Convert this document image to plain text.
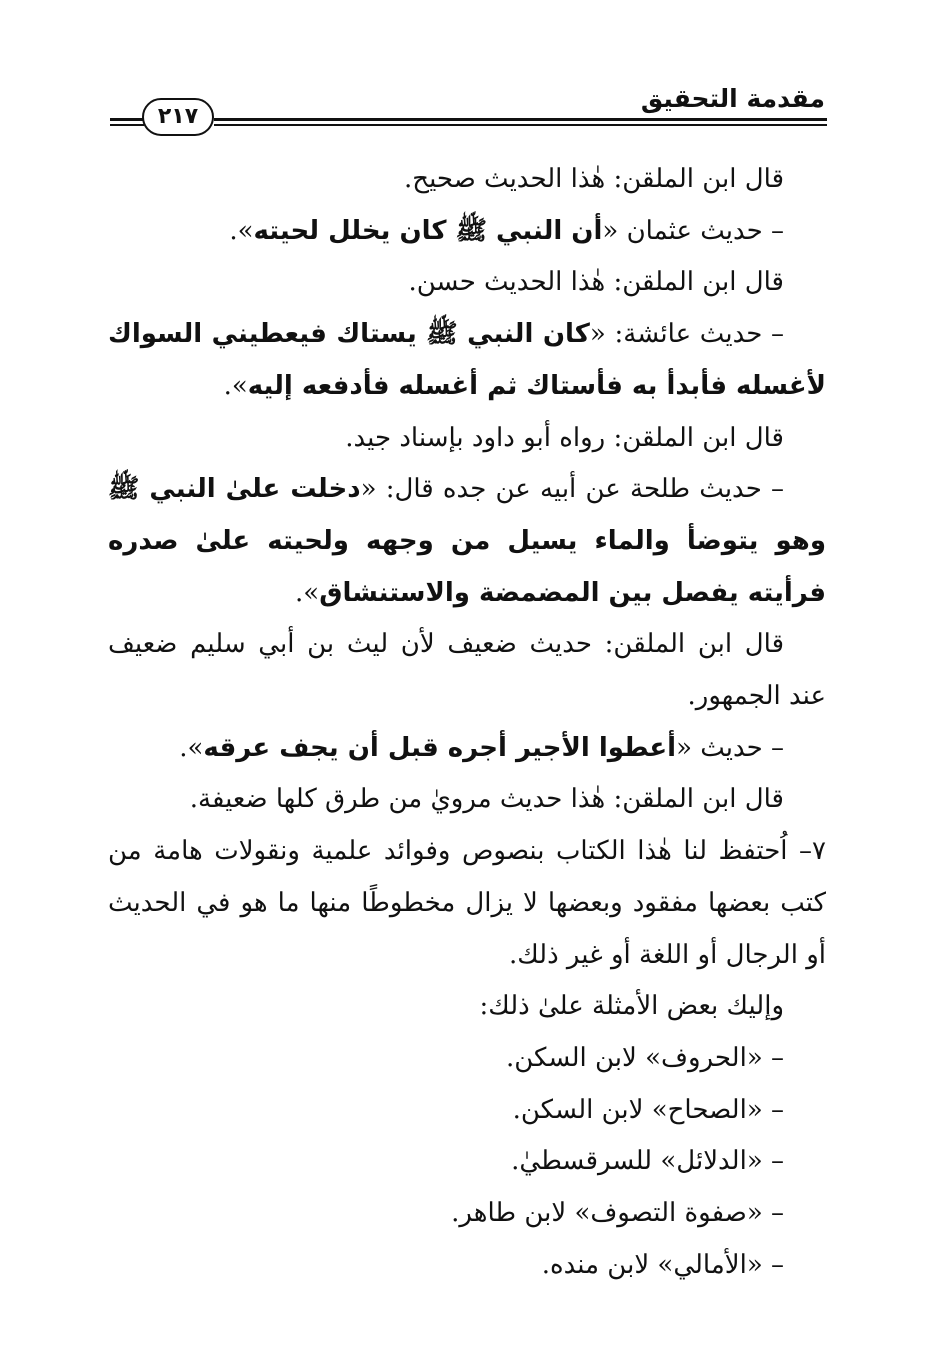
مقدمة التحقيق
٢١٧

قال ابن الملقن: هٰذا الحديث صحيح.

– حديث عثمان «أن النبي ﷺ كان يخلل لحيته».

قال ابن الملقن: هٰذا الحديث حسن.

– حديث عائشة: «كان النبي ﷺ يستاك فيعطيني السواك لأغسله فأبدأ به فأستاك ثم أغسله فأدفعه إليه».

قال ابن الملقن: رواه أبو داود بإسناد جيد.

– حديث طلحة عن أبيه عن جده قال: «دخلت علىٰ النبي ﷺ وهو يتوضأ والماء يسيل من وجهه ولحيته علىٰ صدره فرأيته يفصل بين المضمضة والاستنشاق».

قال ابن الملقن: حديث ضعيف لأن ليث بن أبي سليم ضعيف عند الجمهور.

– حديث «أعطوا الأجير أجره قبل أن يجف عرقه».

قال ابن الملقن: هٰذا حديث مرويٰ من طرق كلها ضعيفة.

٧– اُحتفظ لنا هٰذا الكتاب بنصوص وفوائد علمية ونقولات هامة من كتب بعضها مفقود وبعضها لا يزال مخطوطًا منها ما هو في الحديث أو الرجال أو اللغة أو غير ذلك.

وإليك بعض الأمثلة علىٰ ذلك:

– «الحروف» لابن السكن.

– «الصحاح» لابن السكن.

– «الدلائل» للسرقسطيٰ.

– «صفوة التصوف» لابن طاهر.

– «الأمالي» لابن منده.
